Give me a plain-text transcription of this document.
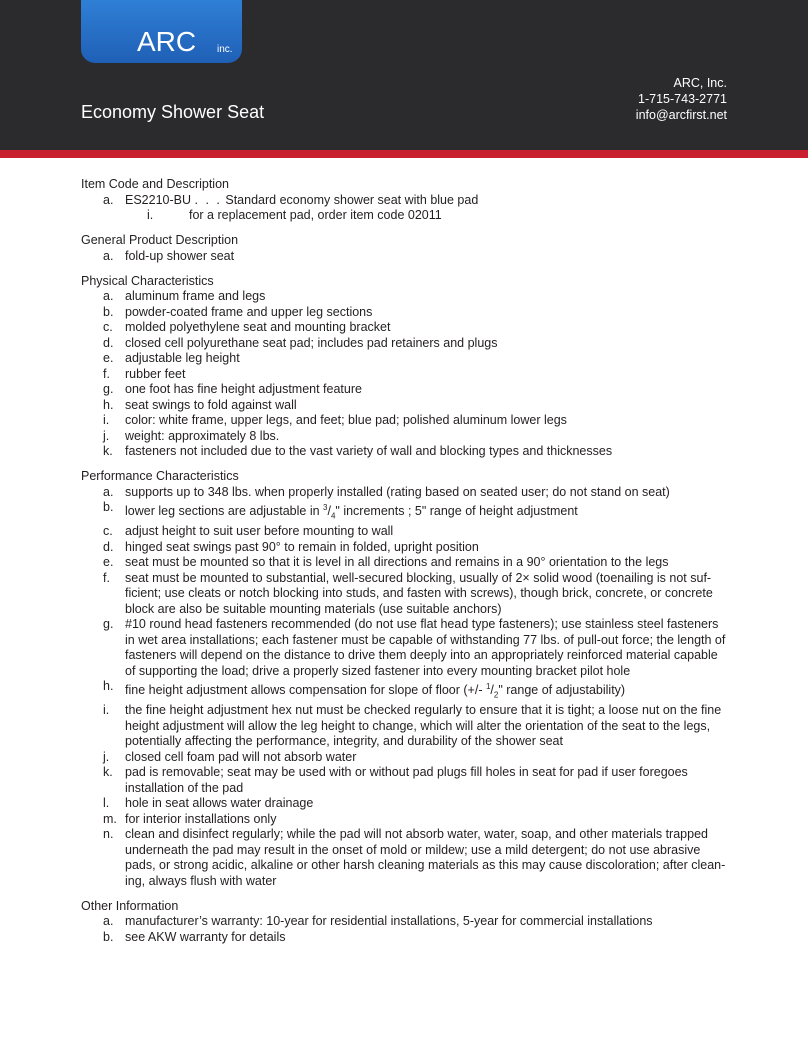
ARC inc.
Economy Shower Seat
ARC, Inc.
1-715-743-2771
info@arcfirst.net
Item Code and Description
a. ES2210-BU . . . Standard economy shower seat with blue pad
i.	for a replacement pad, order item code 02011
General Product Description
a. fold-up shower seat
Physical Characteristics
a. aluminum frame and legs
b. powder-coated frame and upper leg sections
c. molded polyethylene seat and mounting bracket
d. closed cell polyurethane seat pad; includes pad retainers and plugs
e. adjustable leg height
f. rubber feet
g. one foot has fine height adjustment feature
h. seat swings to fold against wall
i. color: white frame, upper legs, and feet; blue pad; polished aluminum lower legs
j. weight: approximately 8 lbs.
k. fasteners not included due to the vast variety of wall and blocking types and thicknesses
Performance Characteristics
a. supports up to 348 lbs. when properly installed (rating based on seated user; do not stand on seat)
b. lower leg sections are adjustable in $^3/_4$" increments ; 5" range of height adjustment
c. adjust height to suit user before mounting to wall
d. hinged seat swings past 90° to remain in folded, upright position
e. seat must be mounted so that it is level in all directions and remains in a 90° orientation to the legs
f. seat must be mounted to substantial, well-secured blocking, usually of 2× solid wood (toenailing is not suf-ficient; use cleats or notch blocking into studs, and fasten with screws), though brick, concrete, or concrete block are also be suitable mounting materials (use suitable anchors)
g. #10 round head fasteners recommended (do not use flat head type fasteners); use stainless steel fasteners in wet area installations; each fastener must be capable of withstanding 77 lbs. of pull-out force; the length of fasteners will depend on the distance to drive them deeply into an appropriately reinforced material capable of supporting the load; drive a properly sized fastener into every mounting bracket pilot hole
h. fine height adjustment allows compensation for slope of floor (+/- $^1/_2$" range of adjustability)
i. the fine height adjustment hex nut must be checked regularly to ensure that it is tight; a loose nut on the fine height adjustment will allow the leg height to change, which will alter the orientation of the seat to the legs, potentially affecting the performance, integrity, and durability of the shower seat
j. closed cell foam pad will not absorb water
k. pad is removable; seat may be used with or without pad plugs fill holes in seat for pad if user foregoes installation of the pad
l. hole in seat allows water drainage
m. for interior installations only
n. clean and disinfect regularly; while the pad will not absorb water, water, soap, and other materials trapped underneath the pad may result in the onset of mold or mildew; use a mild detergent; do not use abrasive pads, or strong acidic, alkaline or other harsh cleaning materials as this may cause discoloration; after clean-ing, always flush with water
Other Information
a. manufacturer’s warranty: 10-year for residential installations, 5-year for commercial installations
b. see AKW warranty for details
